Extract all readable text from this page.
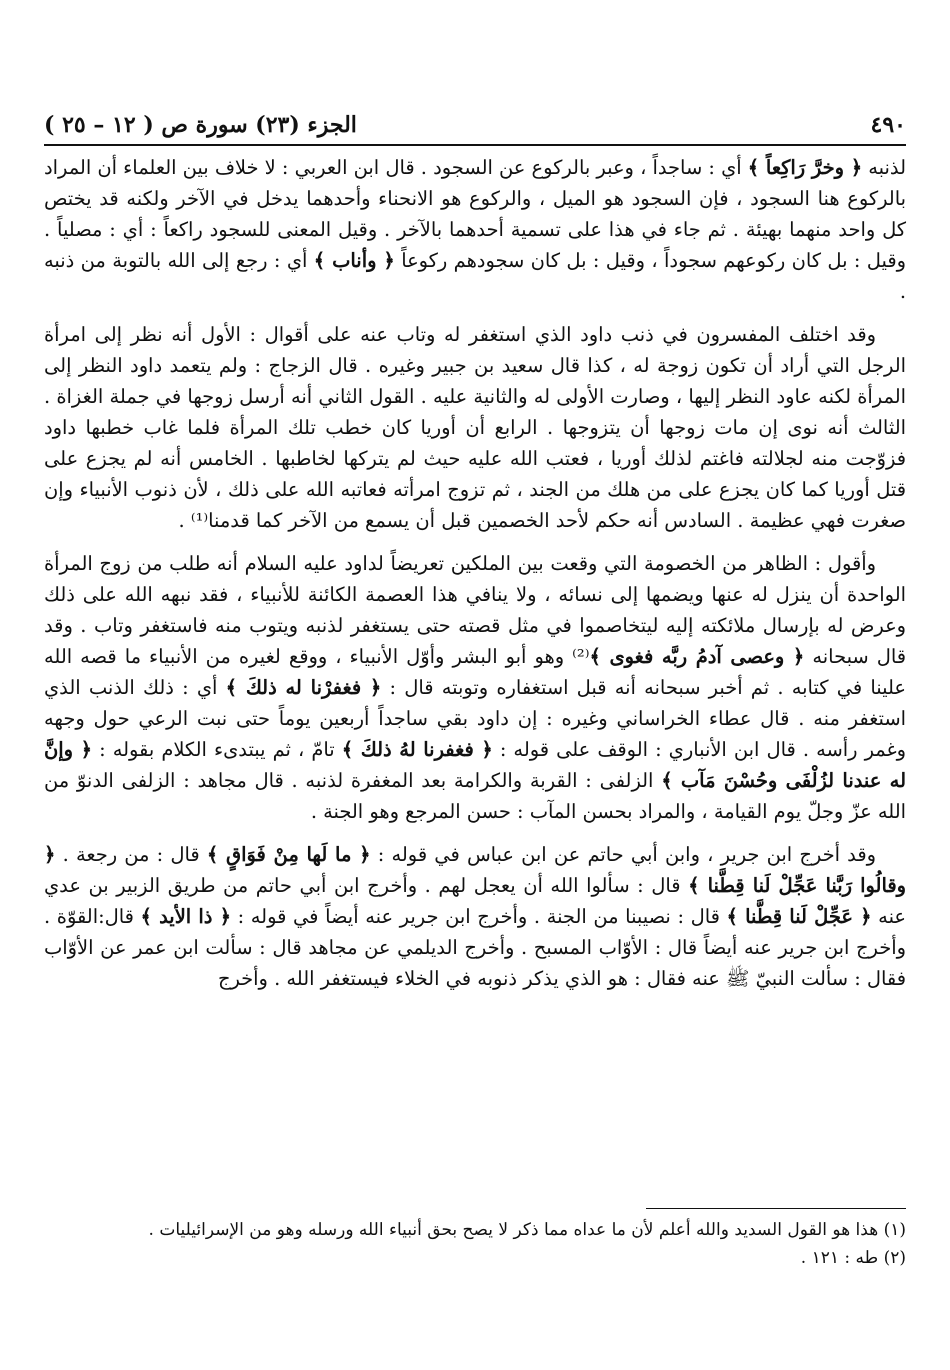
٤٩٠
الجزء (٢٣) سورة ص ( ١٢ – ٢٥ )

لذنبه ﴿ وخرَّ رَاكِعاً ﴾ أي : ساجداً ، وعبر بالركوع عن السجود . قال ابن العربي : لا خلاف بين العلماء أن المراد بالركوع هنا السجود ، فإن السجود هو الميل ، والركوع هو الانحناء وأحدهما يدخل في الآخر ولكنه قد يختص كل واحد منهما بهيئة . ثم جاء في هذا على تسمية أحدهما بالآخر . وقيل المعنى للسجود راكعاً : أي : مصلياً . وقيل : بل كان ركوعهم سجوداً ، وقيل : بل كان سجودهم ركوعاً ﴿ وأناب ﴾ أي : رجع إلى الله بالتوبة من ذنبه .

وقد اختلف المفسرون في ذنب داود الذي استغفر له وتاب عنه على أقوال : الأول أنه نظر إلى امرأة الرجل التي أراد أن تكون زوجة له ، كذا قال سعيد بن جبير وغيره . قال الزجاج : ولم يتعمد داود النظر إلى المرأة لكنه عاود النظر إليها ، وصارت الأولى له والثانية عليه . القول الثاني أنه أرسل زوجها في جملة الغزاة . الثالث أنه نوى إن مات زوجها أن يتزوجها . الرابع أن أوريا كان خطب تلك المرأة فلما غاب خطبها داود فزوّجت منه لجلالته فاغتم لذلك أوريا ، فعتب الله عليه حيث لم يتركها لخاطبها . الخامس أنه لم يجزع على قتل أوريا كما كان يجزع على من هلك من الجند ، ثم تزوج امرأته فعاتبه الله على ذلك ، لأن ذنوب الأنبياء وإن صغرت فهي عظيمة . السادس أنه حكم لأحد الخصمين قبل أن يسمع من الآخر كما قدمنا⁽¹⁾ .

وأقول : الظاهر من الخصومة التي وقعت بين الملكين تعريضاً لداود عليه السلام أنه طلب من زوج المرأة الواحدة أن ينزل له عنها ويضمها إلى نسائه ، ولا ينافي هذا العصمة الكائنة للأنبياء ، فقد نبهه الله على ذلك وعرض له بإرسال ملائكته إليه ليتخاصموا في مثل قصته حتى يستغفر لذنبه ويتوب منه فاستغفر وتاب . وقد قال سبحانه ﴿ وعصى آدمُ ربَّه فغوى ﴾⁽²⁾ وهو أبو البشر وأوّل الأنبياء ، ووقع لغيره من الأنبياء ما قصه الله علينا في كتابه . ثم أخبر سبحانه أنه قبل استغفاره وتوبته قال : ﴿ فغفرْنا له ذلكَ ﴾ أي : ذلك الذنب الذي استغفر منه . قال عطاء الخراساني وغيره : إن داود بقي ساجداً أربعين يوماً حتى نبت الرعي حول وجهه وغمر رأسه . قال ابن الأنباري : الوقف على قوله : ﴿ فغفرنا لهُ ذلكَ ﴾ تامّ ، ثم يبتدىء الكلام بقوله : ﴿ وإنَّ له عندنا لزُلْفَى وحُسْنَ مَآب ﴾ الزلفى : القربة والكرامة بعد المغفرة لذنبه . قال مجاهد : الزلفى الدنوّ من الله عزّ وجلّ يوم القيامة ، والمراد بحسن المآب : حسن المرجع وهو الجنة .

وقد أخرج ابن جرير ، وابن أبي حاتم عن ابن عباس في قوله : ﴿ ما لَها مِنْ فَوَاقٍ ﴾ قال : من رجعة . ﴿ وقالُوا رَبَّنا عَجِّلْ لَنا قِطَّنا ﴾ قال : سألوا الله أن يعجل لهم . وأخرج ابن أبي حاتم من طريق الزبير بن عدي عنه ﴿ عَجِّلْ لَنا قِطَّنا ﴾ قال : نصيبنا من الجنة . وأخرج ابن جرير عنه أيضاً في قوله : ﴿ ذا الأيد ﴾ قال:القوّة . وأخرج ابن جرير عنه أيضاً قال : الأوّاب المسبح . وأخرج الديلمي عن مجاهد قال : سألت ابن عمر عن الأوّاب فقال : سألت النبيّ ﷺ عنه فقال : هو الذي يذكر ذنوبه في الخلاء فيستغفر الله . وأخرج

(١) هذا هو القول السديد والله أعلم لأن ما عداه مما ذكر لا يصح بحق أنبياء الله ورسله وهو من الإسرائيليات .
(٢) طه : ١٢١ .
